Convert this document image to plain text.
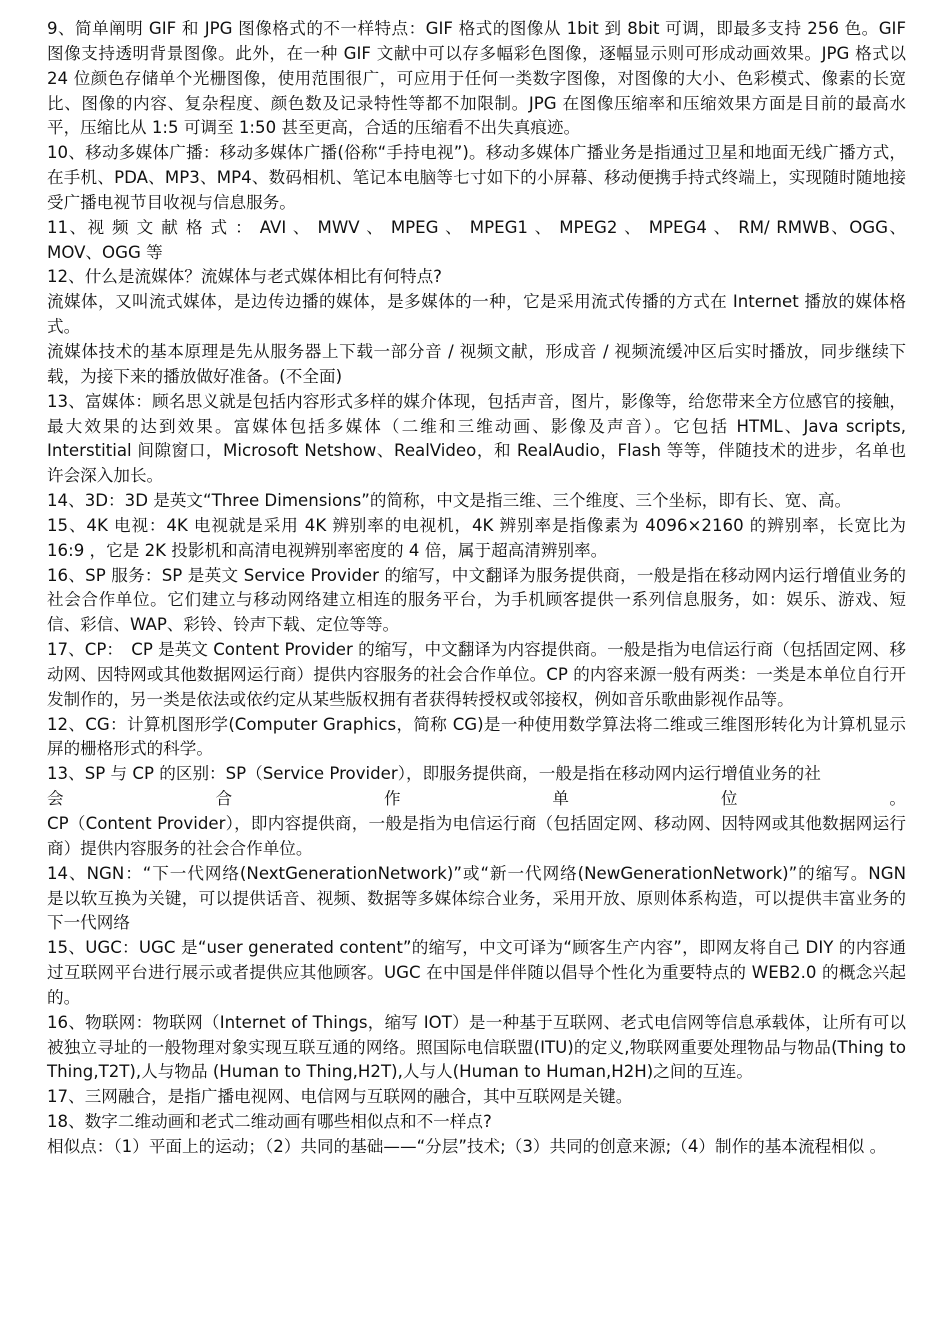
9、简单阐明 GIF 和 JPG 图像格式的不一样特点：GIF 格式的图像从 1bit 到 8bit 可调，即最多支持 256 色。GIF 图像支持透明背景图像。此外，在一种 GIF 文献中可以存多幅彩色图像，逐幅显示则可形成动画效果。JPG 格式以 24 位颜色存储单个光栅图像，使用范围很广，可应用于任何一类数字图像，对图像的大小、色彩模式、像素的长宽比、图像的内容、复杂程度、颜色数及记录特性等都不加限制。JPG 在图像压缩率和压缩效果方面是目前的最高水平，压缩比从 1:5 可调至 1:50 甚至更高，合适的压缩看不出失真痕迹。

10、移动多媒体广播：移动多媒体广播(俗称“手持电视”)。移动多媒体广播业务是指通过卫星和地面无线广播方式，在手机、PDA、MP3、MP4、数码相机、笔记本电脑等七寸如下的小屏幕、移动便携手持式终端上，实现随时随地接受广播电视节目收视与信息服务。

11、视 频 文 献 格 式 ： AVI 、 MWV 、 MPEG 、 MPEG1 、 MPEG2 、 MPEG4 、 RM/ RMWB、OGG、MOV、OGG 等

12、什么是流媒体？流媒体与老式媒体相比有何特点?

流媒体，又叫流式媒体，是边传边播的媒体，是多媒体的一种，它是采用流式传播的方式在 Internet 播放的媒体格式。

流媒体技术的基本原理是先从服务器上下载一部分音 / 视频文献，形成音 / 视频流缓冲区后实时播放，同步继续下载，为接下来的播放做好准备。(不全面)

13、富媒体：顾名思义就是包括内容形式多样的媒介体现，包括声音，图片，影像等，给您带来全方位感官的接触，最大效果的达到效果。富媒体包括多媒体（二维和三维动画、影像及声音）。它包括 HTML、Java scripts, Interstitial 间隙窗口，Microsoft Netshow、RealVideo，和 RealAudio，Flash 等等，伴随技术的进步，名单也许会深入加长。

14、3D：3D 是英文“Three Dimensions”的简称，中文是指三维、三个维度、三个坐标，即有长、宽、高。

15、4K 电视：4K 电视就是采用 4K 辨别率的电视机，4K 辨别率是指像素为 4096×2160 的辨别率，长宽比为 16:9 ，它是 2K 投影机和高清电视辨别率密度的 4 倍，属于超高清辨别率。

16、SP 服务：SP 是英文 Service Provider 的缩写，中文翻译为服务提供商，一般是指在移动网内运行增值业务的社会合作单位。它们建立与移动网络建立相连的服务平台，为手机顾客提供一系列信息服务，如：娱乐、游戏、短信、彩信、WAP、彩铃、铃声下载、定位等等。

17、CP：　CP 是英文 Content Provider 的缩写，中文翻译为内容提供商。一般是指为电信运行商（包括固定网、移动网、因特网或其他数据网运行商）提供内容服务的社会合作单位。CP 的内容来源一般有两类：一类是本单位自行开发制作的，另一类是依法或依约定从某些版权拥有者获得转授权或邻接权，例如音乐歌曲影视作品等。

12、CG：计算机图形学(Computer Graphics，简称 CG)是一种使用数学算法将二维或三维图形转化为计算机显示屏的栅格形式的科学。

13、SP 与 CP 的区别：SP（Service Provider），即服务提供商，一般是指在移动网内运行增值业务的社

会	合	作	单	位	。

CP（Content Provider），即内容提供商，一般是指为电信运行商（包括固定网、移动网、因特网或其他数据网运行商）提供内容服务的社会合作单位。

14、NGN：“下一代网络(NextGenerationNetwork)”或“新一代网络(NewGenerationNetwork)”的缩写。NGN 是以软互换为关键，可以提供话音、视频、数据等多媒体综合业务，采用开放、原则体系构造，可以提供丰富业务的下一代网络

15、UGC：UGC 是“user generated content”的缩写，中文可译为“顾客生产内容”，即网友将自己 DIY 的内容通过互联网平台进行展示或者提供应其他顾客。UGC 在中国是伴伴随以倡导个性化为重要特点的 WEB2.0 的概念兴起的。

16、物联网：物联网（Internet of Things，缩写 IOT）是一种基于互联网、老式电信网等信息承载体，让所有可以被独立寻址的一般物理对象实现互联互通的网络。照国际电信联盟(ITU)的定义,物联网重要处理物品与物品(Thing to Thing,T2T),人与物品 (Human to Thing,H2T),人与人(Human to Human,H2H)之间的互连。

17、三网融合，是指广播电视网、电信网与互联网的融合，其中互联网是关键。

18、数字二维动画和老式二维动画有哪些相似点和不一样点?

相似点：（1）平面上的运动；（2）共同的基础——“分层”技术;（3）共同的创意来源;（4）制作的基本流程相似 。
